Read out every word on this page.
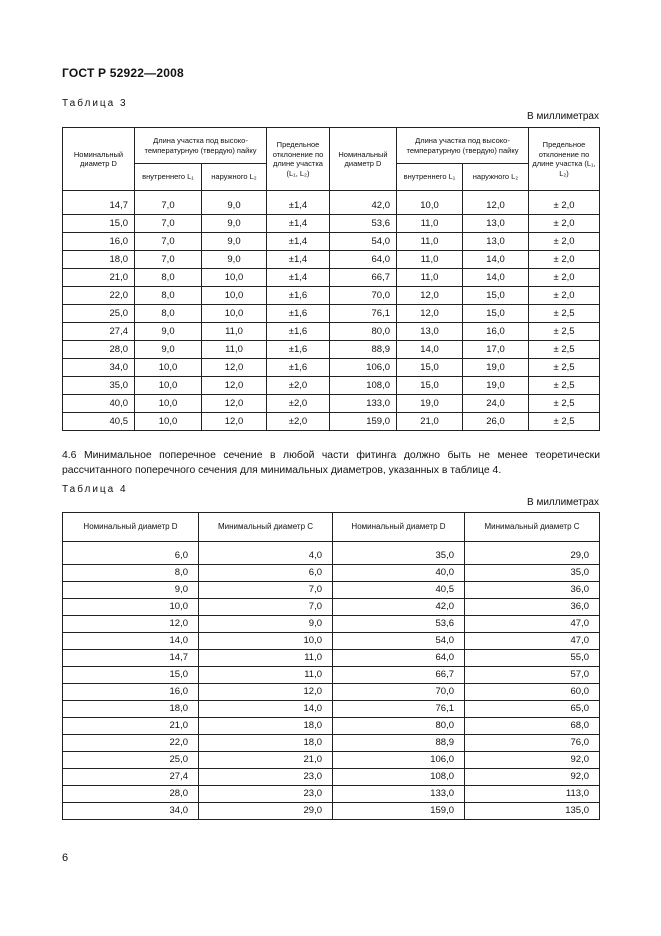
ГОСТ Р 52922—2008
Таблица 3
В миллиметрах
Номинальный диаметр D	Длина участка под высоко-температурную (твердую) пайку		Предельное отклонение по длине участка (L₁, L₂)	Номинальный диаметр D	Длина участка под высоко-температурную (твердую) пайку		Предельное отклонение по длине участка (L₁, L₂)
	внутреннего L₁	наружного L₂			внутреннего L₁	наружного L₂	
14,7	7,0	9,0	±1,4	42,0	10,0	12,0	± 2,0
15,0	7,0	9,0	±1,4	53,6	11,0	13,0	± 2,0
16,0	7,0	9,0	±1,4	54,0	11,0	13,0	± 2,0
18,0	7,0	9,0	±1,4	64,0	11,0	14,0	± 2,0
21,0	8,0	10,0	±1,4	66,7	11,0	14,0	± 2,0
22,0	8,0	10,0	±1,6	70,0	12,0	15,0	± 2,0
25,0	8,0	10,0	±1,6	76,1	12,0	15,0	± 2,5
27,4	9,0	11,0	±1,6	80,0	13,0	16,0	± 2,5
28,0	9,0	11,0	±1,6	88,9	14,0	17,0	± 2,5
34,0	10,0	12,0	±1,6	106,0	15,0	19,0	± 2,5
35,0	10,0	12,0	±2,0	108,0	15,0	19,0	± 2,5
40,0	10,0	12,0	±2,0	133,0	19,0	24,0	± 2,5
40,5	10,0	12,0	±2,0	159,0	21,0	26,0	± 2,5
4.6 Минимальное поперечное сечение в любой части фитинга должно быть не менее теоретически рассчитанного поперечного сечения для минимальных диаметров, указанных в таблице 4.
Таблица 4
В миллиметрах
Номинальный диаметр D	Минимальный диаметр C	Номинальный диаметр D	Минимальный диаметр C
6,0	4,0	35,0	29,0
8,0	6,0	40,0	35,0
9,0	7,0	40,5	36,0
10,0	7,0	42,0	36,0
12,0	9,0	53,6	47,0
14,0	10,0	54,0	47,0
14,7	11,0	64,0	55,0
15,0	11,0	66,7	57,0
16,0	12,0	70,0	60,0
18,0	14,0	76,1	65,0
21,0	18,0	80,0	68,0
22,0	18,0	88,9	76,0
25,0	21,0	106,0	92,0
27,4	23,0	108,0	92,0
28,0	23,0	133,0	113,0
34,0	29,0	159,0	135,0
6
